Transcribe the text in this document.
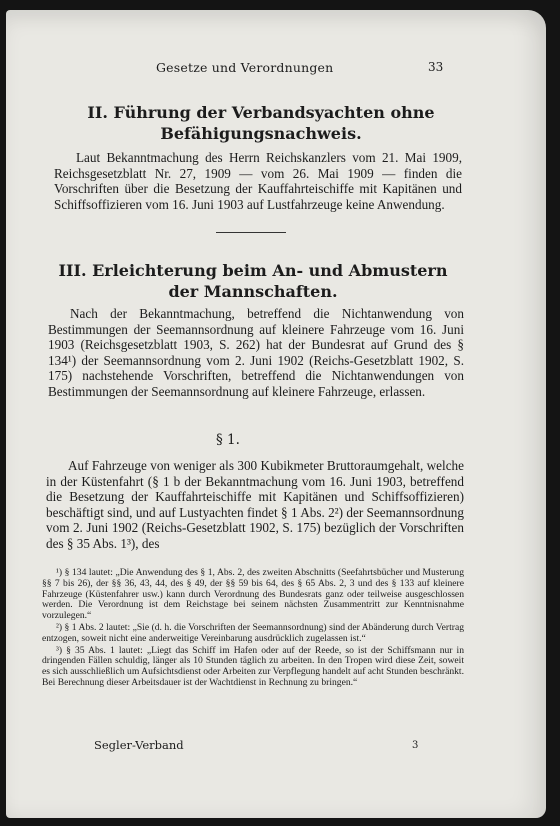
Gesetze und Verordnungen	33
II. Führung der Verbandsyachten ohne
Befähigungsnachweis.

Laut Bekanntmachung des Herrn Reichskanzlers vom 21. Mai 1909, Reichsgesetzblatt Nr. 27, 1909 — vom 26. Mai 1909 — finden die Vorschriften über die Besetzung der Kauffahrteischiffe mit Kapitänen und Schiffsoffizieren vom 16. Juni 1903 auf Lustfahrzeuge keine Anwendung.

III. Erleichterung beim An- und Abmustern
der Mannschaften.

Nach der Bekanntmachung, betreffend die Nichtanwendung von Bestimmungen der Seemannsordnung auf kleinere Fahrzeuge vom 16. Juni 1903 (Reichsgesetzblatt 1903, S. 262) hat der Bundesrat auf Grund des § 134¹) der Seemannsordnung vom 2. Juni 1902 (Reichs-Gesetzblatt 1902, S. 175) nachstehende Vorschriften, betreffend die Nichtanwendungen von Bestimmungen der Seemannsordnung auf kleinere Fahrzeuge, erlassen.

§ 1.

Auf Fahrzeuge von weniger als 300 Kubikmeter Bruttoraumgehalt, welche in der Küstenfahrt (§ 1 b der Bekanntmachung vom 16. Juni 1903, betreffend die Besetzung der Kauffahrteischiffe mit Kapitänen und Schiffsoffizieren) beschäftigt sind, und auf Lustyachten findet § 1 Abs. 2²) der Seemannsordnung vom 2. Juni 1902 (Reichs-Gesetzblatt 1902, S. 175) bezüglich der Vorschriften des § 35 Abs. 1³), des

¹) § 134 lautet: „Die Anwendung des § 1, Abs. 2, des zweiten Abschnitts (Seefahrtsbücher und Musterung §§ 7 bis 26), der §§ 36, 43, 44, des § 49, der §§ 59 bis 64, des § 65 Abs. 2, 3 und des § 133 auf kleinere Fahrzeuge (Küstenfahrer usw.) kann durch Verordnung des Bundesrats ganz oder teilweise ausgeschlossen werden. Die Verordnung ist dem Reichstage bei seinem nächsten Zusammentritt zur Kenntnisnahme vorzulegen.“

²) § 1 Abs. 2 lautet: „Sie (d. h. die Vorschriften der Seemannsordnung) sind der Abänderung durch Vertrag entzogen, soweit nicht eine anderweitige Vereinbarung ausdrücklich zugelassen ist.“

³) § 35 Abs. 1 lautet: „Liegt das Schiff im Hafen oder auf der Reede, so ist der Schiffsmann nur in dringenden Fällen schuldig, länger als 10 Stunden täglich zu arbeiten. In den Tropen wird diese Zeit, soweit es sich ausschließlich um Aufsichtsdienst oder Arbeiten zur Verpflegung handelt auf acht Stunden beschränkt. Bei Berechnung dieser Arbeitsdauer ist der Wachtdienst in Rechnung zu bringen.“

Segler-Verband	3
